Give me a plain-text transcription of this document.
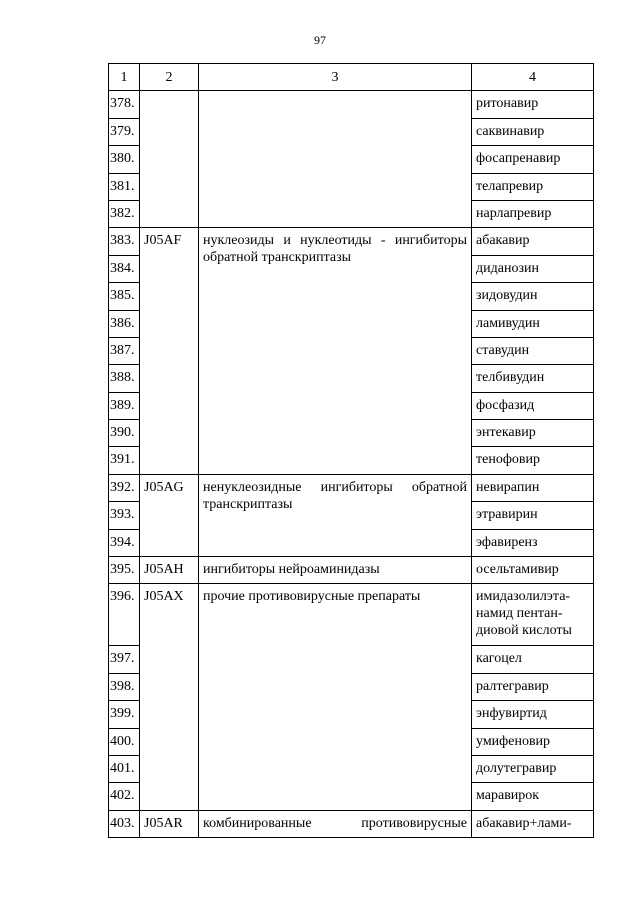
97
1	2	3	4
378.			ритонавир
379.			саквинавир
380.			фосапренавир
381.			телапревир
382.			нарлапревир
383.	J05AF	нуклеозиды и нуклеотиды - ингибиторы обратной транскриптазы	абакавир
384.			диданозин
385.			зидовудин
386.			ламивудин
387.			ставудин
388.			телбивудин
389.			фосфазид
390.			энтекавир
391.			тенофовир
392.	J05AG	ненуклеозидные ингибиторы обратной транскриптазы	невирапин
393.			этравирин
394.			эфавиренз
395.	J05AH	ингибиторы нейроаминидазы	осельтамивир
396.	J05AX	прочие противовирусные препараты	имидазолилэта-намид пентан-диовой кислоты
397.			кагоцел
398.			ралтегравир
399.			энфувиртид
400.			умифеновир
401.			долутегравир
402.			маравирок
403.	J05AR	комбинированные противовирусные	абакавир+лами-
